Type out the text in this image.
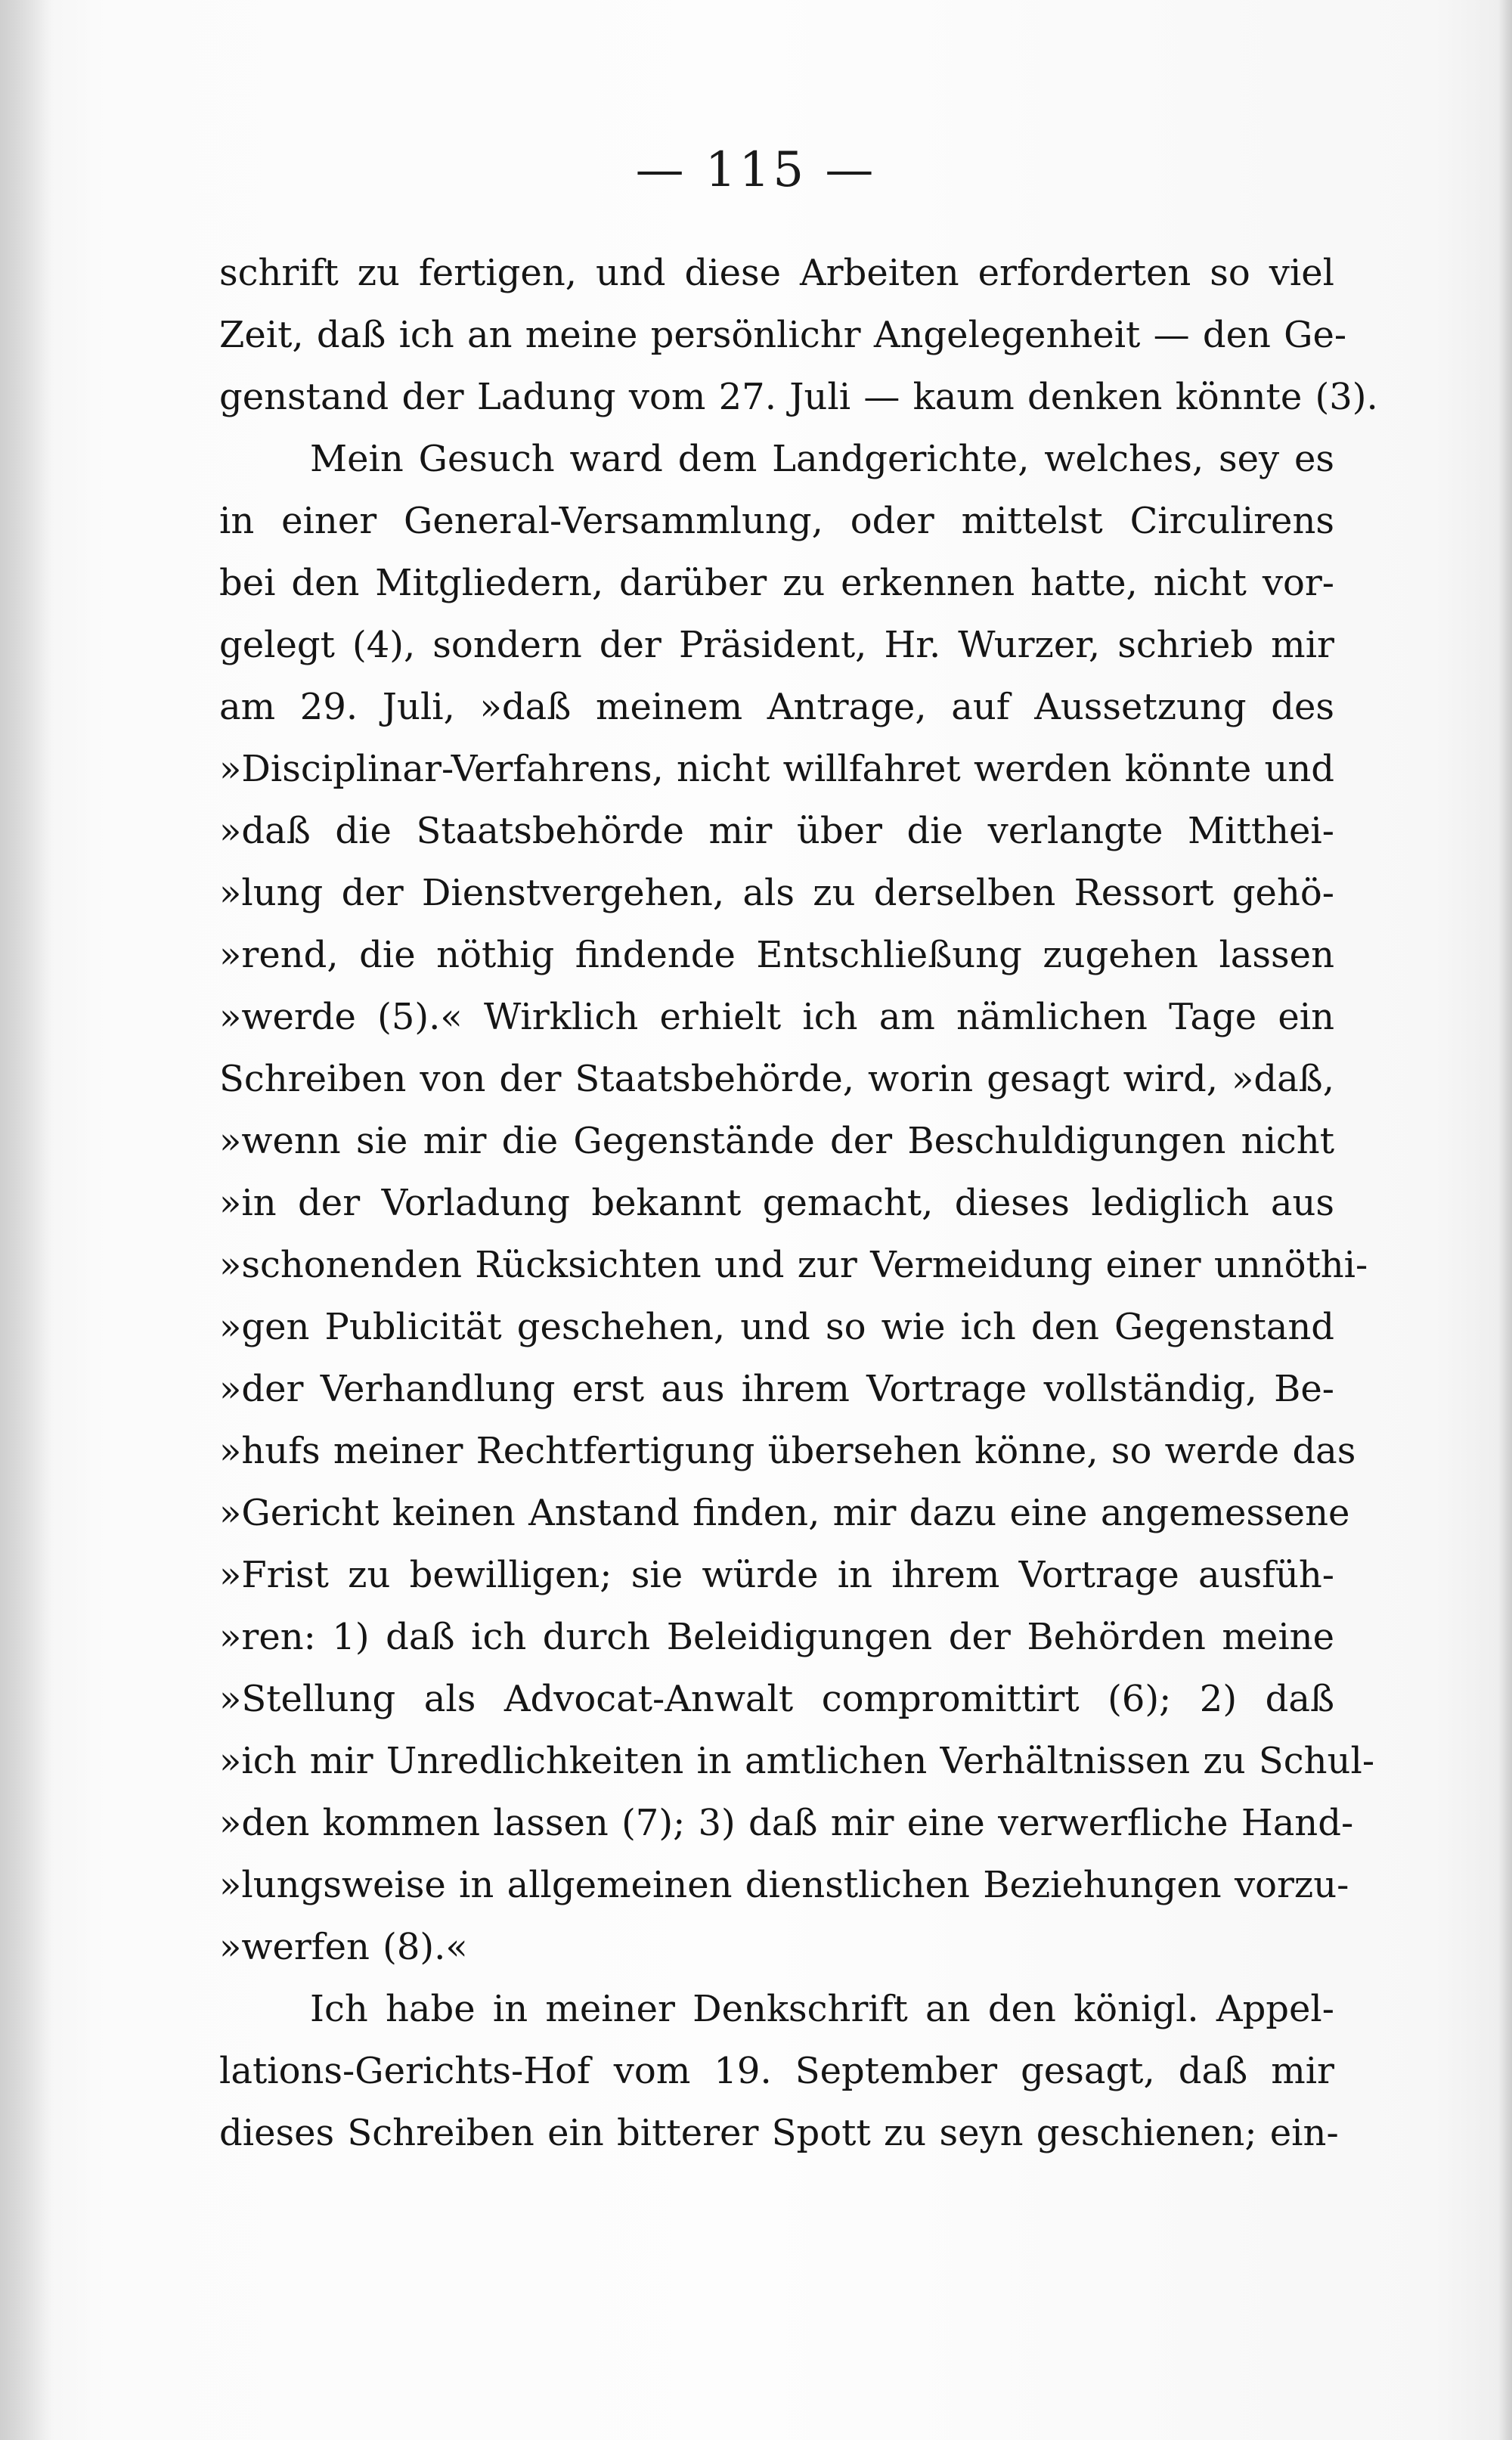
— 115 —
schrift zu fertigen, und diese Arbeiten erforderten so viel
Zeit, daß ich an meine persönlichr Angelegenheit — den Ge-
genstand der Ladung vom 27. Juli — kaum denken könnte (3).
Mein Gesuch ward dem Landgerichte, welches, sey es
in einer General-Versammlung, oder mittelst Circulirens
bei den Mitgliedern, darüber zu erkennen hatte, nicht vor-
gelegt (4), sondern der Präsident, Hr. Wurzer, schrieb mir
am 29. Juli, »daß meinem Antrage, auf Aussetzung des
»Disciplinar-Verfahrens, nicht willfahret werden könnte und
»daß die Staatsbehörde mir über die verlangte Mitthei-
»lung der Dienstvergehen, als zu derselben Ressort gehö-
»rend, die nöthig findende Entschließung zugehen lassen
»werde (5).« Wirklich erhielt ich am nämlichen Tage ein
Schreiben von der Staatsbehörde, worin gesagt wird, »daß,
»wenn sie mir die Gegenstände der Beschuldigungen nicht
»in der Vorladung bekannt gemacht, dieses lediglich aus
»schonenden Rücksichten und zur Vermeidung einer unnöthi-
»gen Publicität geschehen, und so wie ich den Gegenstand
»der Verhandlung erst aus ihrem Vortrage vollständig, Be-
»hufs meiner Rechtfertigung übersehen könne, so werde das
»Gericht keinen Anstand finden, mir dazu eine angemessene
»Frist zu bewilligen; sie würde in ihrem Vortrage ausfüh-
»ren: 1) daß ich durch Beleidigungen der Behörden meine
»Stellung als Advocat-Anwalt compromittirt (6); 2) daß
»ich mir Unredlichkeiten in amtlichen Verhältnissen zu Schul-
»den kommen lassen (7); 3) daß mir eine verwerfliche Hand-
»lungsweise in allgemeinen dienstlichen Beziehungen vorzu-
»werfen (8).«
Ich habe in meiner Denkschrift an den königl. Appel-
lations-Gerichts-Hof vom 19. September gesagt, daß mir
dieses Schreiben ein bitterer Spott zu seyn geschienen; ein-
